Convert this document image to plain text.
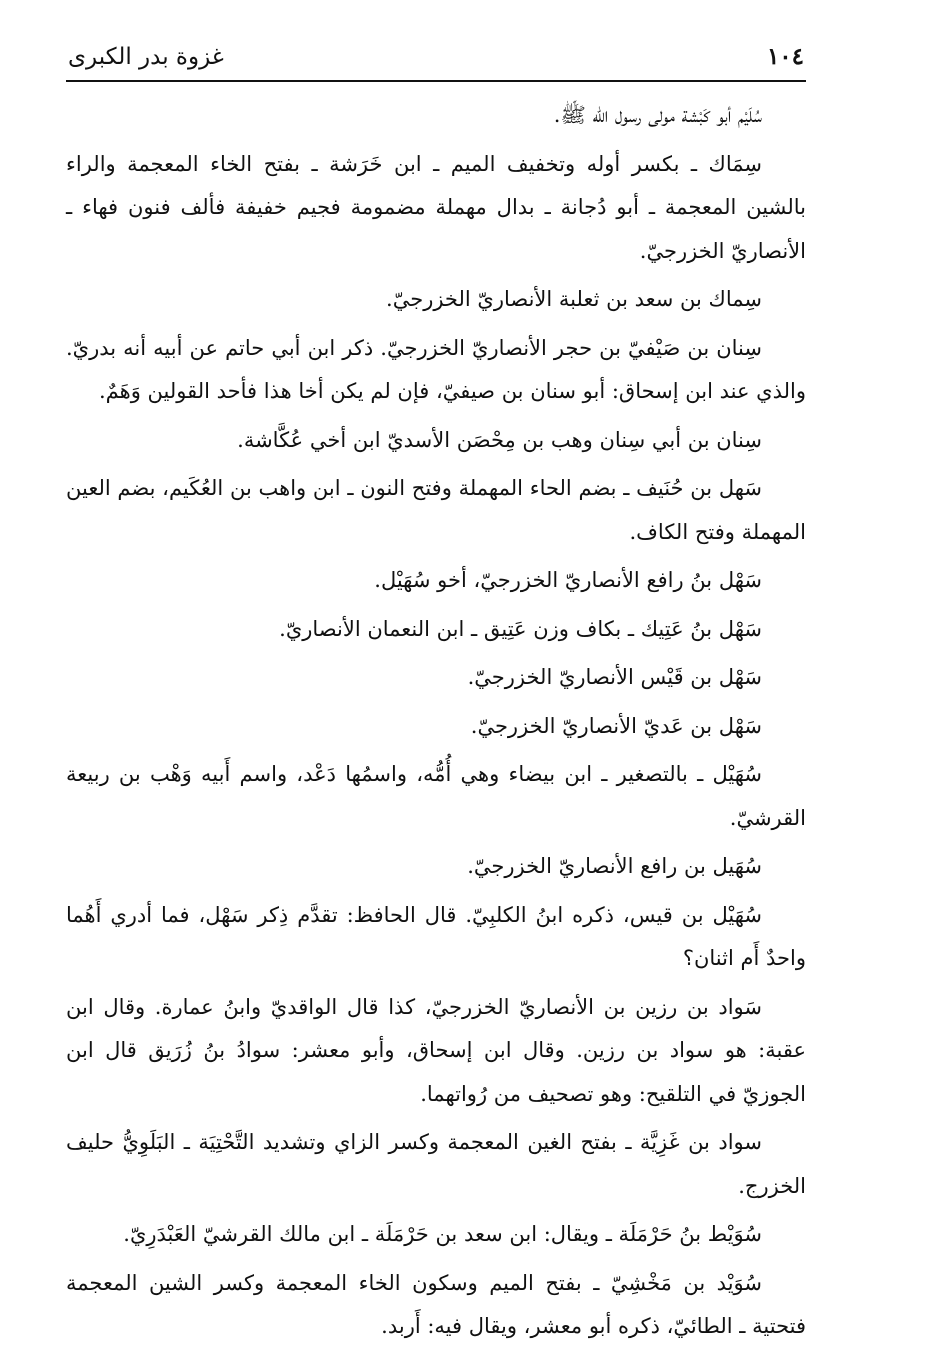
١٠٤
غزوة بدر الكبرى

سُلَيْم أبو كَبْشة مولى رسول الله ﷺ.

سِمَاك ـ بكسر أوله وتخفيف الميم ـ ابن خَرَشة ـ بفتح الخاء المعجمة والراء بالشين المعجمة ـ أبو دُجانة ـ بدال مهملة مضمومة فجيم خفيفة فألف فنون فهاء ـ الأنصاريّ الخزرجيّ.

سِماك بن سعد بن ثعلبة الأنصاريّ الخزرجيّ.

سِنان بن صَيْفيّ بن حجر الأنصاريّ الخزرجيّ. ذكر ابن أبي حاتم عن أبيه أنه بدريّ. والذي عند ابن إسحاق: أبو سنان بن صيفيّ، فإن لم يكن أخا هذا فأحد القولين وَهَمٌ.

سِنان بن أبي سِنان وهب بن مِحْصَن الأسديّ ابن أخي عُكَّاشة.

سَهل بن حُنَيف ـ بضم الحاء المهملة وفتح النون ـ ابن واهب بن العُكَيم، بضم العين المهملة وفتح الكاف.

سَهْل بنُ رافع الأنصاريّ الخزرجيّ، أخو سُهَيْل.

سَهْل بنُ عَتِيك ـ بكاف وزن عَتِيق ـ ابن النعمان الأنصاريّ.

سَهْل بن قَيْس الأنصاريّ الخزرجيّ.

سَهْل بن عَديّ الأنصاريّ الخزرجيّ.

سُهَيْل ـ بالتصغير ـ ابن بيضاء وهي أُمُّه، واسمُها دَعْد، واسم أَبيه وَهْب بن ربيعة القرشيّ.

سُهَيل بن رافع الأنصاريّ الخزرجيّ.

سُهَيْل بن قيس، ذكره ابنُ الكلبِيّ. قال الحافظ: تقدَّم ذِكر سَهْل، فما أدري أَهُما واحدٌ أَم اثنان؟

سَواد بن رزين بن الأنصاريّ الخزرجيّ، كذا قال الواقديّ وابنُ عمارة. وقال ابن عقبة: هو سواد بن رزين. وقال ابن إسحاق، وأبو معشر: سوادُ بنُ زُرَيق قال ابن الجوزيّ في التلقيح: وهو تصحيف من رُواتهما.

سواد بن غَزِيَّة ـ بفتح الغين المعجمة وكسر الزاي وتشديد التَّحْتِيَة ـ البَلَوِيُّ حليف الخزرج.

سُوَيْط بنُ حَرْمَلَة ـ ويقال: ابن سعد بن حَرْمَلَة ـ ابن مالك القرشيّ العَبْدَرِيّ.

سُوَيْد بن مَخْشِيّ ـ بفتح الميم وسكون الخاء المعجمة وكسر الشين المعجمة فتحتية ـ الطائيّ، ذكره أبو معشر، ويقال فيه: أَربد.
